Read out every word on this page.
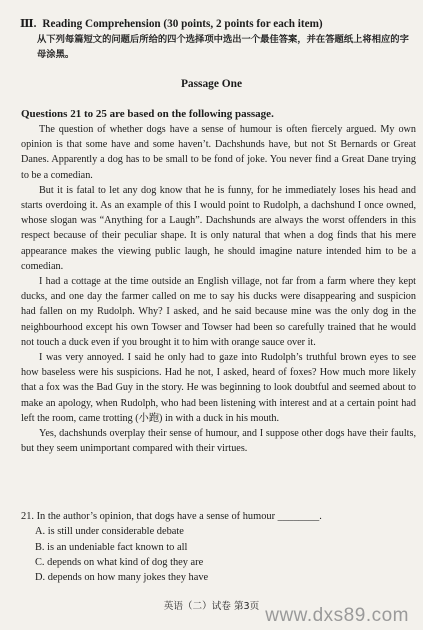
Ⅲ. Reading Comprehension (30 points, 2 points for each item)
从下列每篇短文的问题后所给的四个选择项中选出一个最佳答案，并在答题纸上将相应的字母涂黑。
Passage One
Questions 21 to 25 are based on the following passage.

The question of whether dogs have a sense of humour is often fiercely argued. My own opinion is that some have and some haven’t. Dachshunds have, but not St Bernards or Great Danes. Apparently a dog has to be small to be fond of joke. You never find a Great Dane trying to be a comedian.

But it is fatal to let any dog know that he is funny, for he immediately loses his head and starts overdoing it. As an example of this I would point to Rudolph, a dachshund I once owned, whose slogan was “Anything for a Laugh”. Dachshunds are always the worst offenders in this respect because of their peculiar shape. It is only natural that when a dog finds that his mere appearance makes the viewing public laugh, he should imagine nature intended him to be a comedian.

I had a cottage at the time outside an English village, not far from a farm where they kept ducks, and one day the farmer called on me to say his ducks were disappearing and suspicion had fallen on my Rudolph. Why? I asked, and he said because mine was the only dog in the neighbourhood except his own Towser and Towser had been so carefully trained that he would not touch a duck even if you brought it to him with orange sauce over it.

I was very annoyed. I said he only had to gaze into Rudolph’s truthful brown eyes to see how baseless were his suspicions. Had he not, I asked, heard of foxes? How much more likely that a fox was the Bad Guy in the story. He was beginning to look doubtful and seemed about to make an apology, when Rudolph, who had been listening with interest and at a certain point had left the room, came trotting (小跑) in with a duck in his mouth.

Yes, dachshunds overplay their sense of humour, and I suppose other dogs have their faults, but they seem unimportant compared with their virtues.

21. In the author’s opinion, that dogs have a sense of humour ________.

A. is still under considerable debate

B. is an undeniable fact known to all

C. depends on what kind of dog they are

D. depends on how many jokes they have

英语（二）试卷 第3页 www.dxs89.com
